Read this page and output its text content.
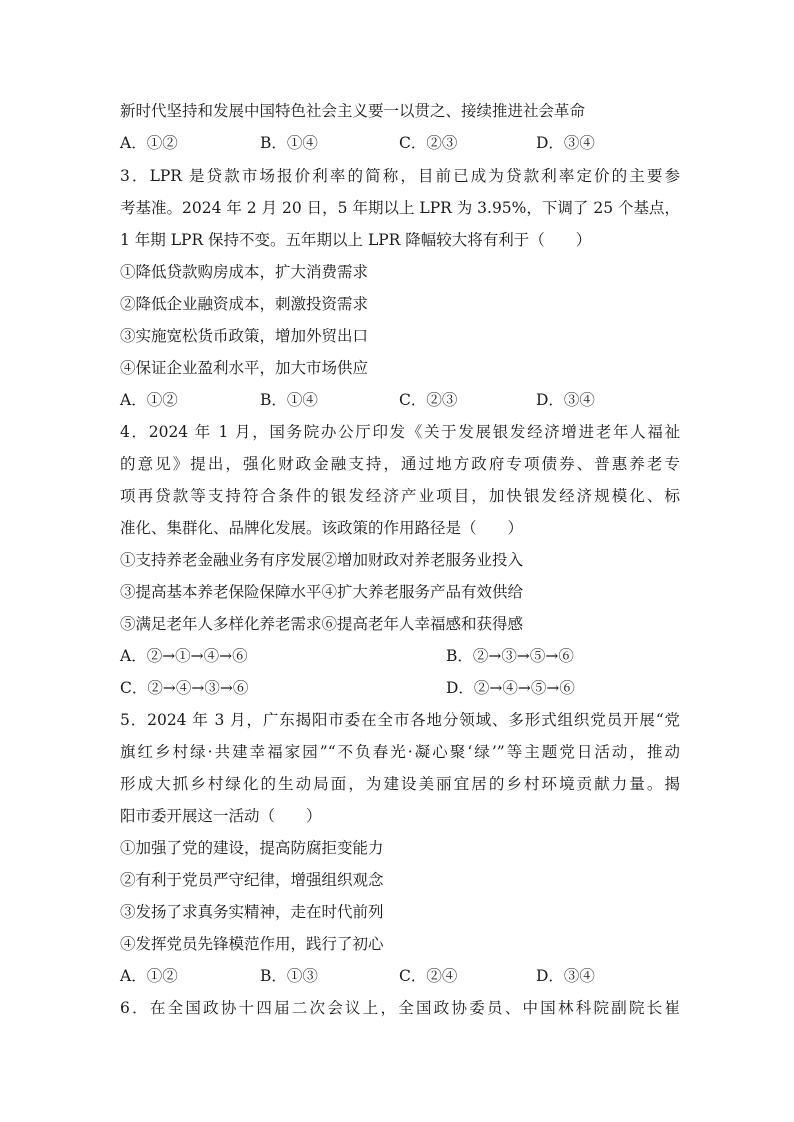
新时代坚持和发展中国特色社会主义要一以贯之、接续推进社会革命
A．①②	B．①④	C．②③	D．③④
3．LPR 是贷款市场报价利率的简称，目前已成为贷款利率定价的主要参
考基准。2024 年 2 月 20 日，5 年期以上 LPR 为 3.95%，下调了 25 个基点，
1 年期 LPR 保持不变。五年期以上 LPR 降幅较大将有利于（　　）
①降低贷款购房成本，扩大消费需求
②降低企业融资成本，刺激投资需求
③实施宽松货币政策，增加外贸出口
④保证企业盈利水平，加大市场供应
A．①②	B．①④	C．②③	D．③④
4．2024 年 1 月，国务院办公厅印发《关于发展银发经济增进老年人福祉
的意见》提出，强化财政金融支持，通过地方政府专项债券、普惠养老专
项再贷款等支持符合条件的银发经济产业项目，加快银发经济规模化、标
准化、集群化、品牌化发展。该政策的作用路径是（　　）
①支持养老金融业务有序发展②增加财政对养老服务业投入
③提高基本养老保险保障水平④扩大养老服务产品有效供给
⑤满足老年人多样化养老需求⑥提高老年人幸福感和获得感
A．②→①→④→⑥	B．②→③→⑤→⑥
C．②→④→③→⑥	D．②→④→⑤→⑥
5．2024 年 3 月，广东揭阳市委在全市各地分领域、多形式组织党员开展“党
旗红乡村绿·共建幸福家园”“不负春光·凝心聚‘绿’”等主题党日活动，推动
形成大抓乡村绿化的生动局面，为建设美丽宜居的乡村环境贡献力量。揭
阳市委开展这一活动（　　）
①加强了党的建设，提高防腐拒变能力
②有利于党员严守纪律，增强组织观念
③发扬了求真务实精神，走在时代前列
④发挥党员先锋模范作用，践行了初心
A．①②	B．①③	C．②④	D．③④
6．在全国政协十四届二次会议上，全国政协委员、中国林科院副院长崔
